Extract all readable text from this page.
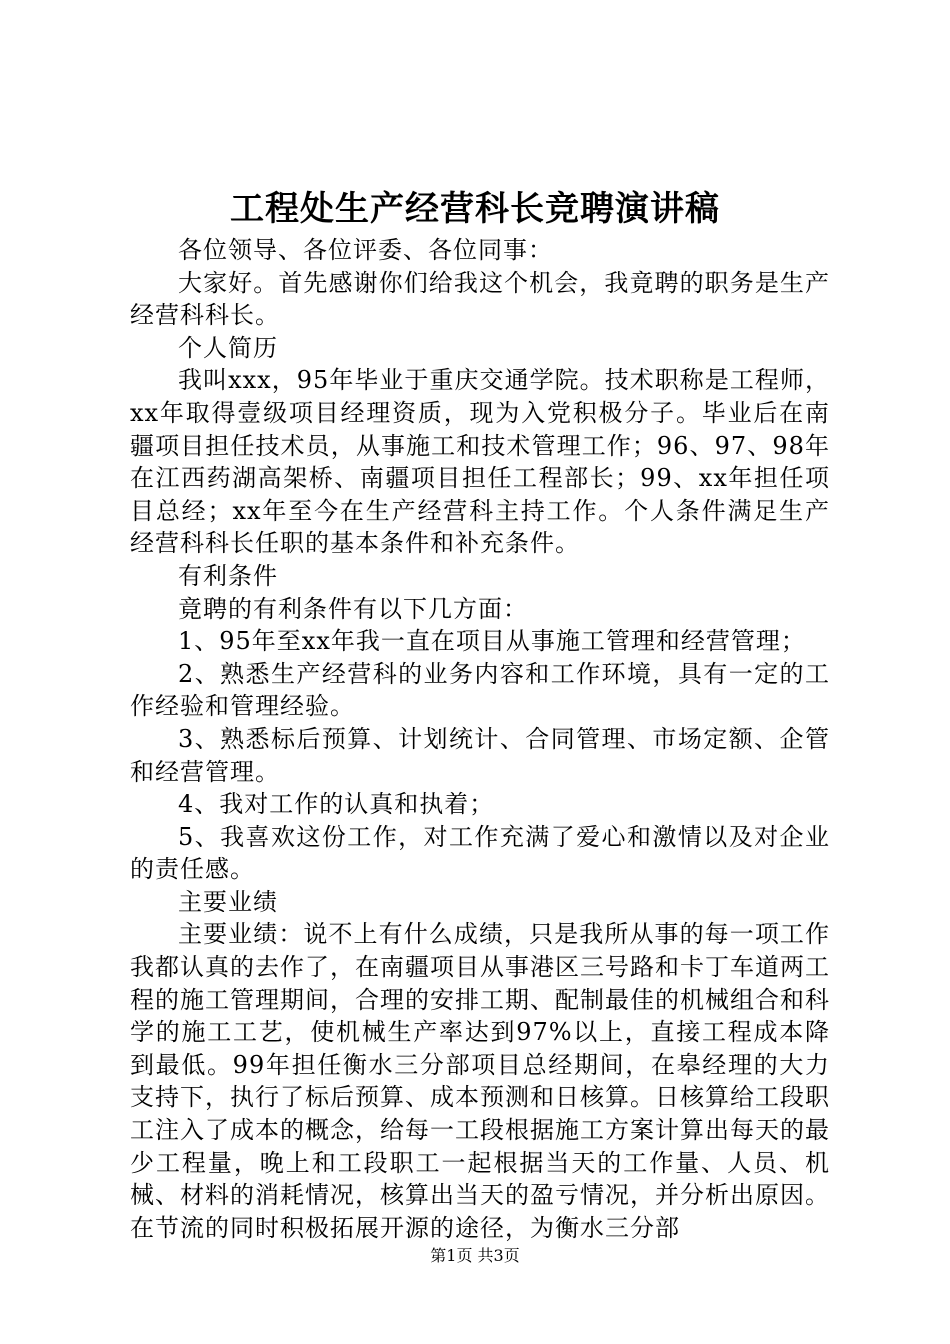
工程处生产经营科长竞聘演讲稿

各位领导、各位评委、各位同事：

大家好。首先感谢你们给我这个机会，我竟聘的职务是生产经营科科长。

个人简历

我叫xxx，95年毕业于重庆交通学院。技术职称是工程师，xx年取得壹级项目经理资质，现为入党积极分子。毕业后在南疆项目担任技术员，从事施工和技术管理工作；96、97、98年在江西药湖高架桥、南疆项目担任工程部长；99、xx年担任项目总经；xx年至今在生产经营科主持工作。个人条件满足生产经营科科长任职的基本条件和补充条件。

有利条件

竟聘的有利条件有以下几方面：

1、95年至xx年我一直在项目从事施工管理和经营管理；

2、熟悉生产经营科的业务内容和工作环境，具有一定的工作经验和管理经验。

3、熟悉标后预算、计划统计、合同管理、市场定额、企管和经营管理。

4、我对工作的认真和执着；

5、我喜欢这份工作，对工作充满了爱心和激情以及对企业的责任感。

主要业绩

主要业绩：说不上有什么成绩，只是我所从事的每一项工作我都认真的去作了，在南疆项目从事港区三号路和卡丁车道两工程的施工管理期间，合理的安排工期、配制最佳的机械组合和科学的施工工艺，使机械生产率达到97%以上，直接工程成本降到最低。99年担任衡水三分部项目总经期间，在皋经理的大力支持下，执行了标后预算、成本预测和日核算。日核算给工段职工注入了成本的概念，给每一工段根据施工方案计算出每天的最少工程量，晚上和工段职工一起根据当天的工作量、人员、机械、材料的消耗情况，核算出当天的盈亏情况，并分析出原因。在节流的同时积极拓展开源的途径，为衡水三分部

第1页 共3页
